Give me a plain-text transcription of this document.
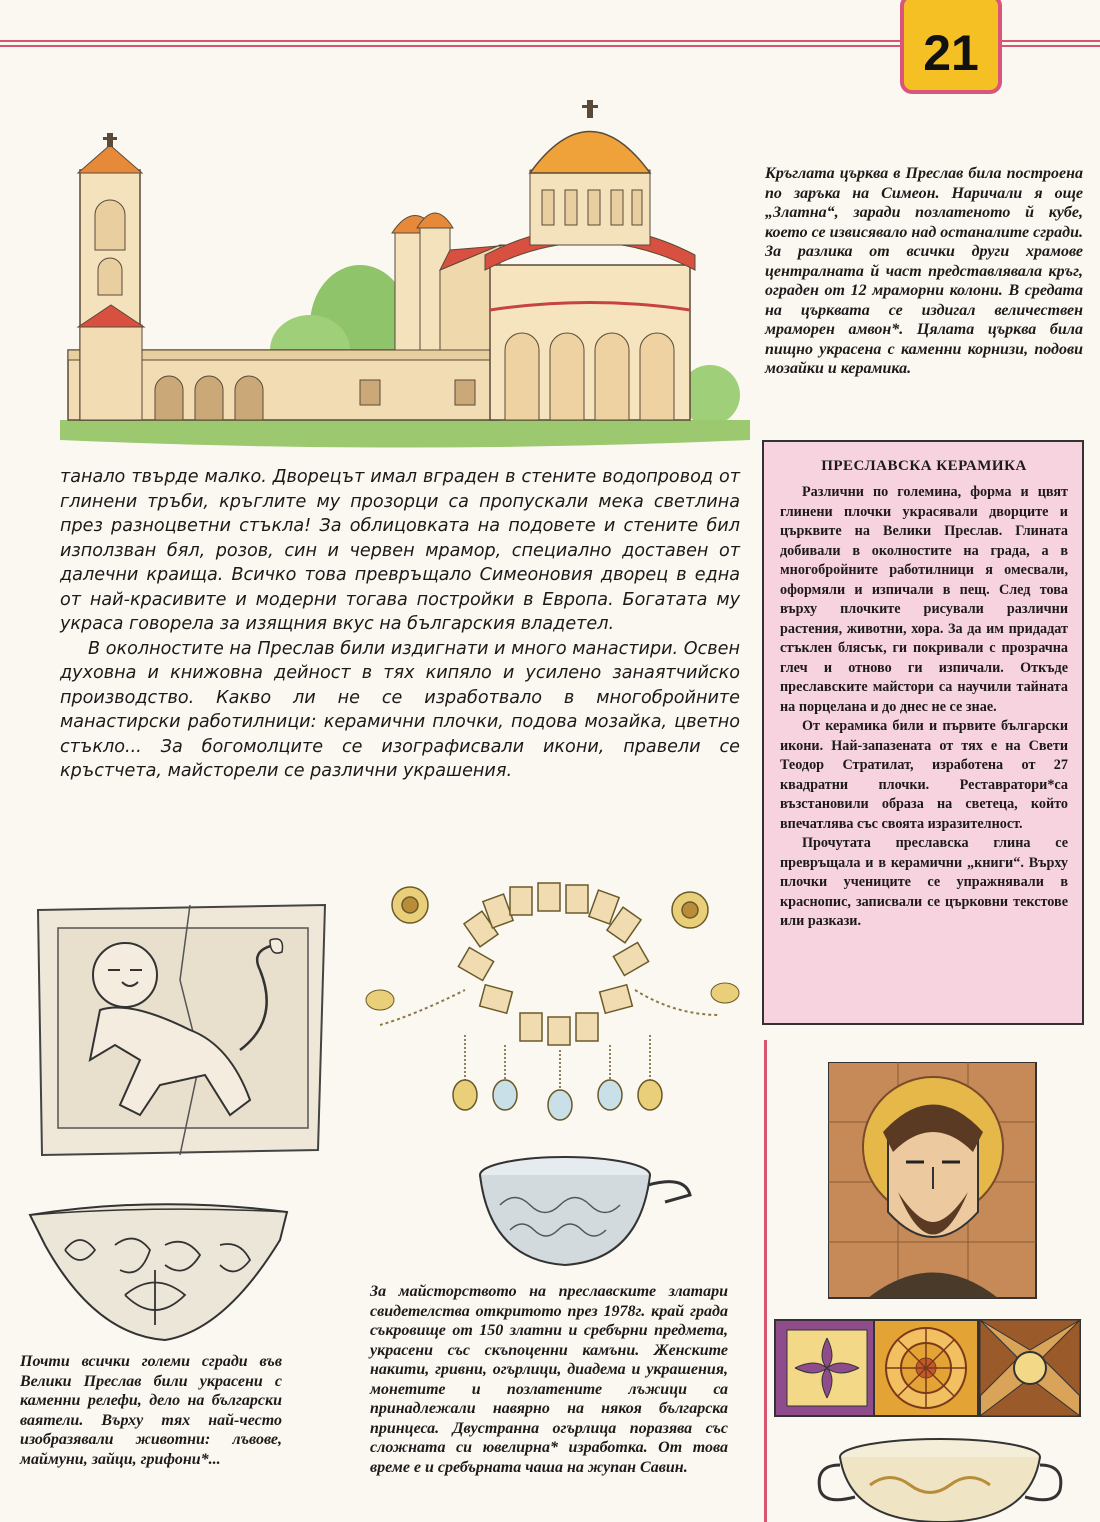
21
Кръглата църква в Преслав била построена по заръка на Симеон. Наричали я още „Златна“, заради позлатеното й кубе, което се извисявало над останалите сгради. За разлика от всички други храмове централната й част представлявала кръг, ограден от 12 мраморни колони. В средата на църквата се издигал величествен мраморен амвон*. Цялата църква била пищно украсена с каменни корнизи, подови мозайки и керамика.

танало твърде малко. Дворецът имал вграден в стените водопровод от глинени тръби, кръглите му прозорци са пропускали мека светлина през разноцветни стъкла! За облицовката на подовете и стените бил използван бял, розов, син и червен мрамор, специално доставен от далечни краища. Всичко това превръщало Симеоновия дворец в една от най-красивите и модерни тогава постройки в Европа. Богатата му украса говорела за изящния вкус на българския владетел.

В околностите на Преслав били издигнати и много манастири. Освен духовна и книжовна дейност в тях кипяло и усилено занаятчийско производство. Какво ли не се изработвало в многобройните манастирски работилници: керамични плочки, подова мозайка, цветно стъкло... За богомолците се изографисвали икони, правели се кръстчета, майсторели се различни украшения.

ПРЕСЛАВСКА КЕРАМИКА

Различни по големина, форма и цвят глинени плочки украсявали дворците и църквите на Велики Преслав. Глината добивали в околностите на града, а в многобройните работилници я омесвали, оформяли и изпичали в пещ. След това върху плочките рисували различни растения, животни, хора. За да им придадат стъклен блясък, ги покривали с прозрачна глеч и отново ги изпичали. Откъде преславските майстори са научили тайната на порцелана и до днес не се знае.

От керамика били и първите български икони. Най-запазената от тях е на Свети Теодор Стратилат, изработена от 27 квадратни плочки. Реставратори*са възстановили образа на светеца, който впечатлява със своята изразителност.

Прочутата преславска глина се превръщала и в керамични „книги“. Върху плочки учениците се упражнявали в краснопис, записвали се църковни текстове или разкази.

Почти всички големи сгради във Велики Преслав били украсени с каменни релефи, дело на български ваятели. Върху тях най-често изобразявали животни: лъвове, маймуни, зайци, грифони*...
За майсторството на преславските златари свидетелства откритото през 1978г. край града съкровище от 150 златни и сребърни предмета, украсени със скъпоценни камъни. Женските накити, гривни, огърлици, диадема и украшения, монетите и позлатените лъжици са принадлежали навярно на някоя българска принцеса. Двустранна огърлица поразява със сложната си ювелирна* изработка. От това време е и сребърната чаша на жупан Савин.
